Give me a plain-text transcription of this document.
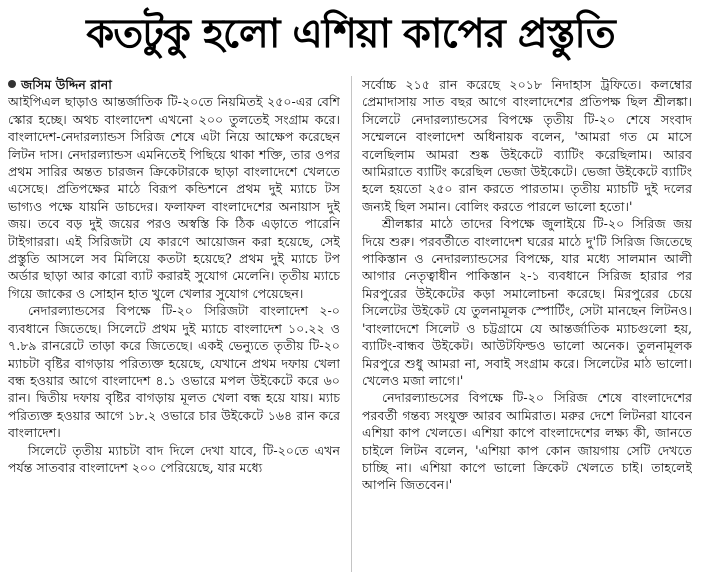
কতটুকু হলো এশিয়া কাপের প্রস্তুতি
জসিম উদ্দিন রানা

আইপিএল ছাড়াও আন্তর্জাতিক টি-২০তে নিয়মিতই ২৫০-এর বেশি স্কোর হচ্ছে। অথচ বাংলাদেশ এখনো ২০০ তুলতেই সংগ্রাম করে। বাংলাদেশ-নেদারল্যান্ডস সিরিজ শেষে এটা নিয়ে আক্ষেপ করেছেন লিটন দাস। নেদারল্যান্ডস এমনিতেই পিছিয়ে থাকা শক্তি, তার ওপর প্রথম সারির অন্তত চারজন ক্রিকেটারকে ছাড়া বাংলাদেশে খেলতে এসেছে। প্রতিপক্ষের মাঠে বিরূপ কন্ডিশনে প্রথম দুই ম্যাচে টস ভাগ্যও পক্ষে যায়নি ডাচদের। ফলাফল বাংলাদেশের অনায়াস দুই জয়। তবে বড় দুই জয়ের পরও অস্বস্তি কি ঠিক এড়াতে পারেনি টাইগাররা। এই সিরিজটা যে কারণে আয়োজন করা হয়েছে, সেই প্রস্তুতি আসলে সব মিলিয়ে কতটা হয়েছে? প্রথম দুই ম্যাচে টপ অর্ডার ছাড়া আর কারো ব্যাট করারই সুযোগ মেলেনি। তৃতীয় ম্যাচে গিয়ে জাকের ও সোহান হাত খুলে খেলার সুযোগ পেয়েছেন।

নেদারল্যান্ডসের বিপক্ষে টি-২০ সিরিজটা বাংলাদেশ ২-০ ব্যবধানে জিতেছে। সিলেটে প্রথম দুই ম্যাচে বাংলাদেশ ১০.২২ ও ৭.৮৯ রানরেটে তাড়া করে জিতেছে। একই ভেন্যুতে তৃতীয় টি-২০ ম্যাচটা বৃষ্টির বাগড়ায় পরিত্যক্ত হয়েছে, যেখানে প্রথম দফায় খেলা বন্ধ হওয়ার আগে বাংলাদেশ ৪.১ ওভারে মপল উইকেটে করে ৬০ রান। দ্বিতীয় দফায় বৃষ্টির বাগড়ায় মূলত খেলা বন্ধ হয়ে যায়। ম্যাচ পরিত্যক্ত হওয়ার আগে ১৮.২ ওভারে চার উইকেটে ১৬৪ রান করে বাংলাদেশ।

সিলেটে তৃতীয় ম্যাচটা বাদ দিলে দেখা যাবে, টি-২০তে এখন পর্যন্ত সাতবার বাংলাদেশ ২০০ পেরিয়েছে, যার মধ্যে

সর্বোচ্চ ২১৫ রান করেছে ২০১৮ নিদাহাস ট্রফিতে। কলম্বোর প্রেমাদাসায় সাত বছর আগে বাংলাদেশের প্রতিপক্ষ ছিল শ্রীলঙ্কা। সিলেটে নেদারল্যান্ডসের বিপক্ষে তৃতীয় টি-২০ শেষে সংবাদ সম্মেলনে বাংলাদেশ অধিনায়ক বলেন, 'আমরা গত মে মাসে বলেছিলাম আমরা শুষ্ক উইকেটে ব্যাটিং করেছিলাম। আরব আমিরাতে ব্যাটিং করেছিল ভেজা উইকেটে। ভেজা উইকেটে ব্যাটিং হলে হয়তো ২৫০ রান করতে পারতাম। তৃতীয় ম্যাচটি দুই দলের জন্যই ছিল সমান। বোলিং করতে পারলে ভালো হতো।'

শ্রীলঙ্কার মাঠে তাদের বিপক্ষে জুলাইয়ে টি-২০ সিরিজ জয় দিয়ে শুরু। পরবর্তীতে বাংলাদেশ ঘরের মাঠে দু'টি সিরিজ জিতেছে পাকিস্তান ও নেদারল্যান্ডসের বিপক্ষে, যার মধ্যে সালমান আলী আগার নেতৃত্বাধীন পাকিস্তান ২-১ ব্যবধানে সিরিজ হারার পর মিরপুরের উইকেটের কড়া সমালোচনা করেছে। মিরপুরের চেয়ে সিলেটের উইকেট যে তুলনামূলক স্পোর্টিং, সেটা মানছেন লিটনও। 'বাংলাদেশে সিলেট ও চট্টগ্রামে যে আন্তর্জাতিক ম্যাচগুলো হয়, ব্যাটিং-বান্ধব উইকেট। আউটফিল্ডও ভালো অনেক। তুলনামূলক মিরপুরে শুধু আমরা না, সবাই সংগ্রাম করে। সিলেটের মাঠ ভালো। খেলেও মজা লাগে।'

নেদারল্যান্ডসের বিপক্ষে টি-২০ সিরিজ শেষে বাংলাদেশের পরবর্তী গন্তব্য সংযুক্ত আরব আমিরাত। মরুর দেশে লিটনরা যাবেন এশিয়া কাপ খেলতে। এশিয়া কাপে বাংলাদেশের লক্ষ্য কী, জানতে চাইলে লিটন বলেন, 'এশিয়া কাপ কোন জায়গায় সেটি দেখতে চাচ্ছি না। এশিয়া কাপে ভালো ক্রিকেট খেলতে চাই। তাহলেই আপনি জিতবেন।'
